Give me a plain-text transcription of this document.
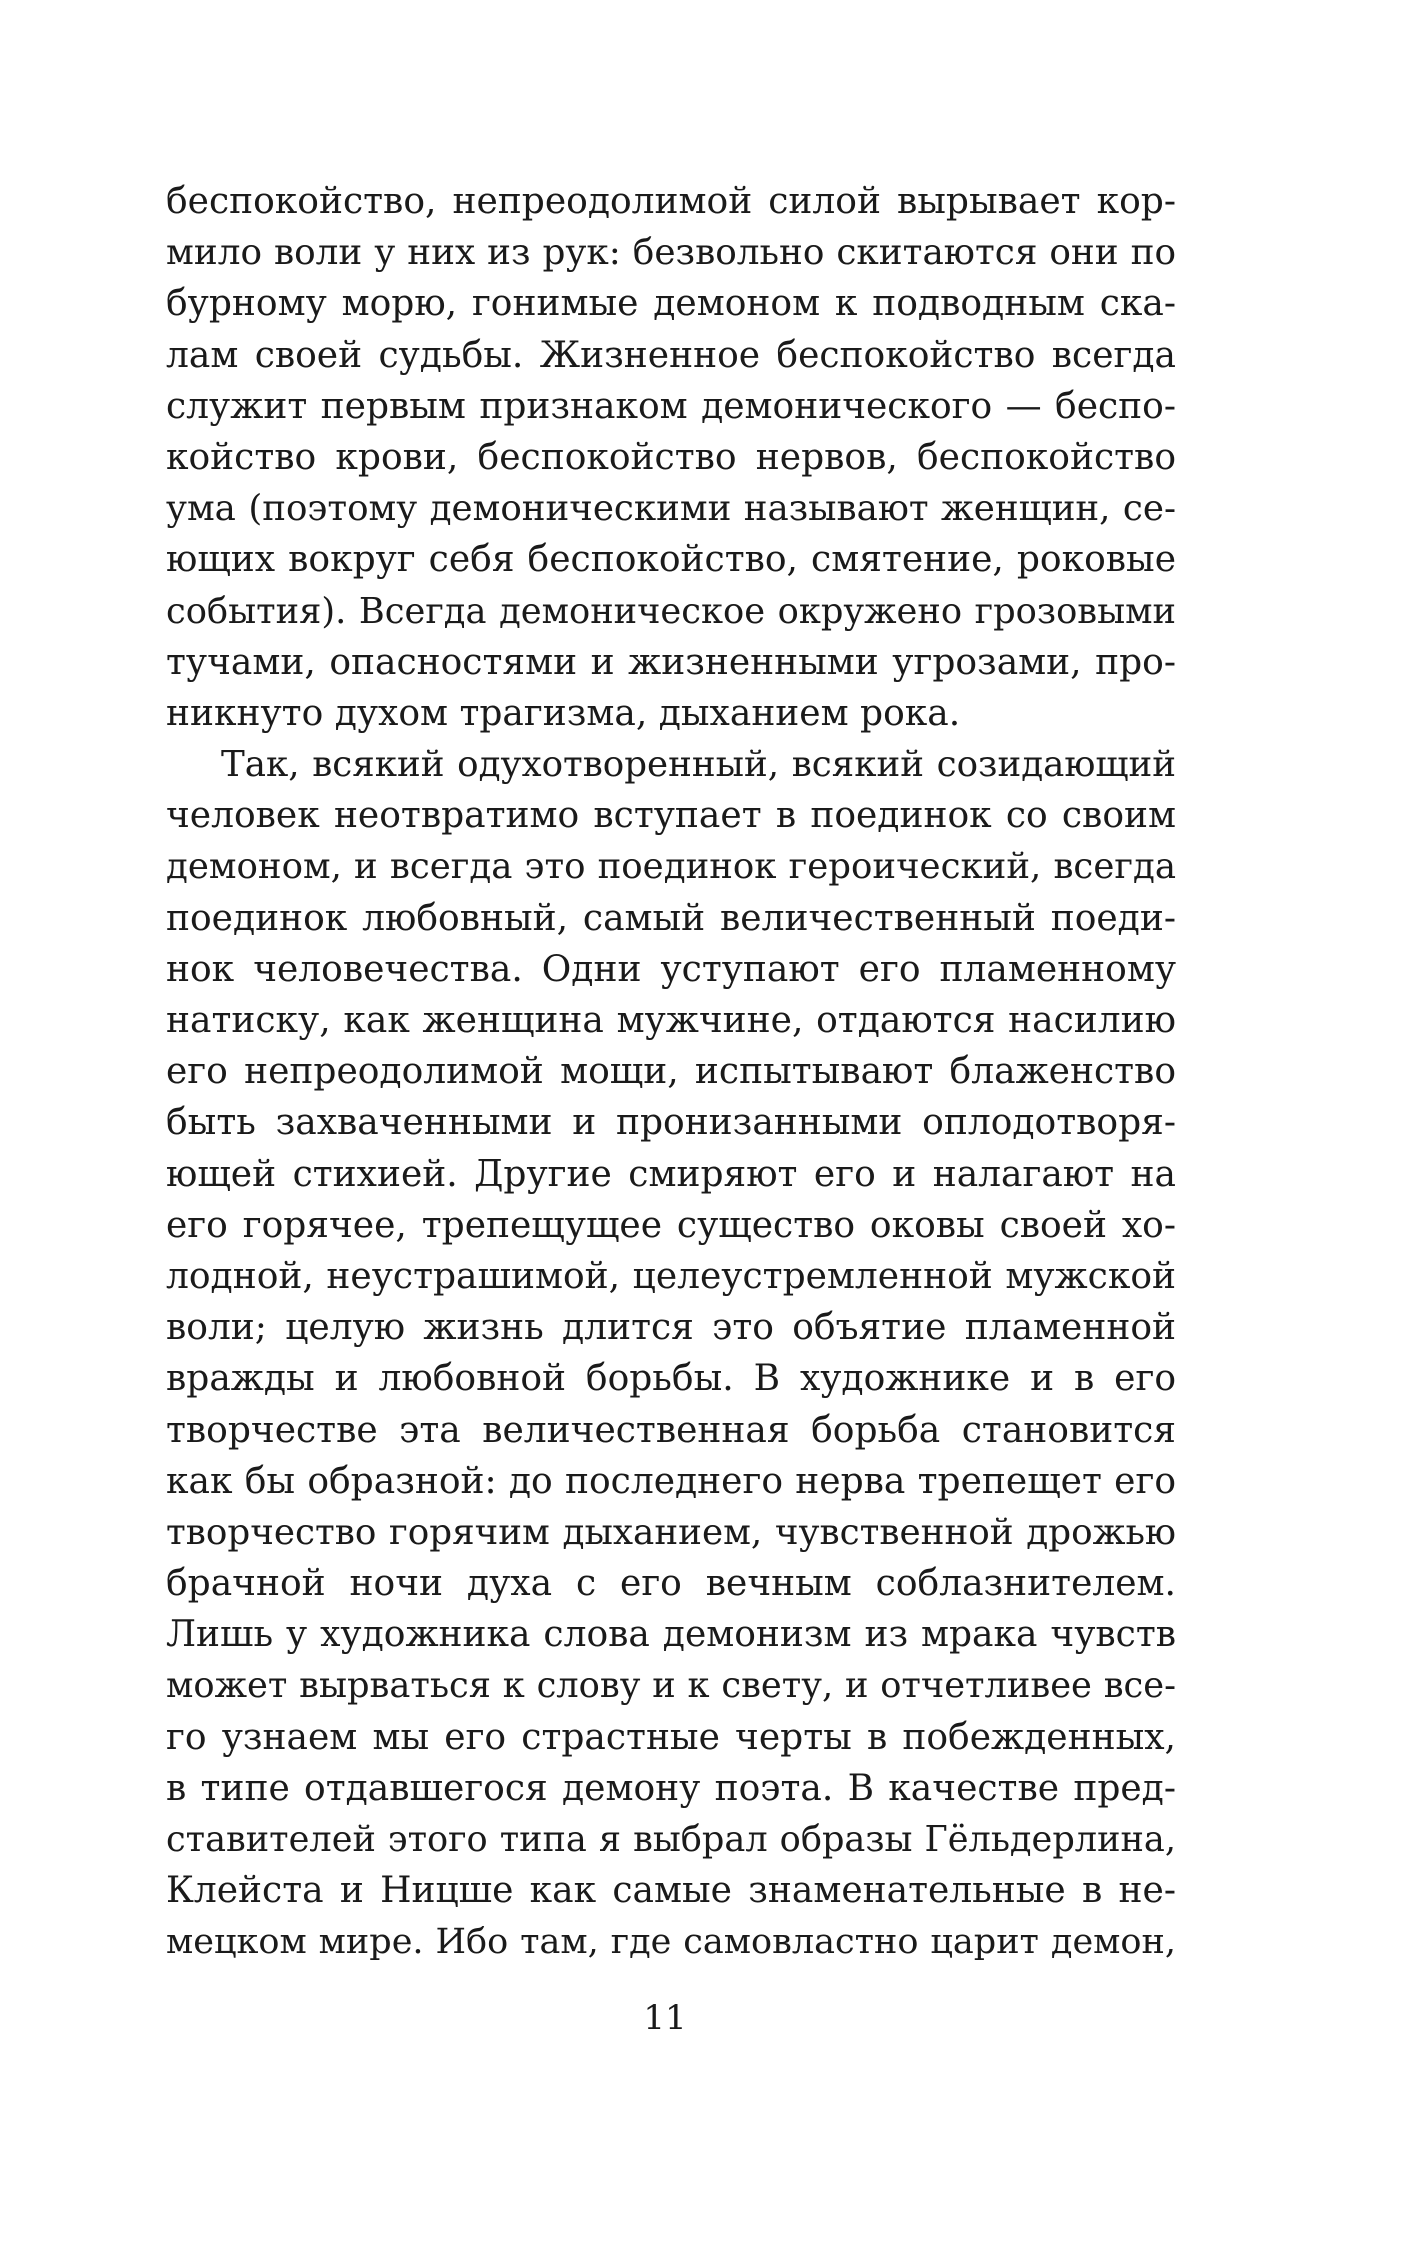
беспокойство, непреодолимой силой вырывает кор-
мило воли у них из рук: безвольно скитаются они по
бурному морю, гонимые демоном к подводным ска-
лам своей судьбы. Жизненное беспокойство всегда
служит первым признаком демонического — беспо-
койство крови, беспокойство нервов, беспокойство
ума (поэтому демоническими называют женщин, се-
ющих вокруг себя беспокойство, смятение, роковые
события). Всегда демоническое окружено грозовыми
тучами, опасностями и жизненными угрозами, про-
никнуто духом трагизма, дыханием рока.
Так, всякий одухотворенный, всякий созидающий
человек неотвратимо вступает в поединок со своим
демоном, и всегда это поединок героический, всегда
поединок любовный, самый величественный поеди-
нок человечества. Одни уступают его пламенному
натиску, как женщина мужчине, отдаются насилию
его непреодолимой мощи, испытывают блаженство
быть захваченными и пронизанными оплодотворя-
ющей стихией. Другие смиряют его и налагают на
его горячее, трепещущее существо оковы своей хо-
лодной, неустрашимой, целеустремленной мужской
воли; целую жизнь длится это объятие пламенной
вражды и любовной борьбы. В художнике и в его
творчестве эта величественная борьба становится
как бы образной: до последнего нерва трепещет его
творчество горячим дыханием, чувственной дрожью
брачной ночи духа с его вечным соблазнителем.
Лишь у художника слова демонизм из мрака чувств
может вырваться к слову и к свету, и отчетливее все-
го узнаем мы его страстные черты в побежденных,
в типе отдавшегося демону поэта. В качестве пред-
ставителей этого типа я выбрал образы Гёльдерлина,
Клейста и Ницше как самые знаменательные в не-
мецком мире. Ибо там, где самовластно царит демон,
11
